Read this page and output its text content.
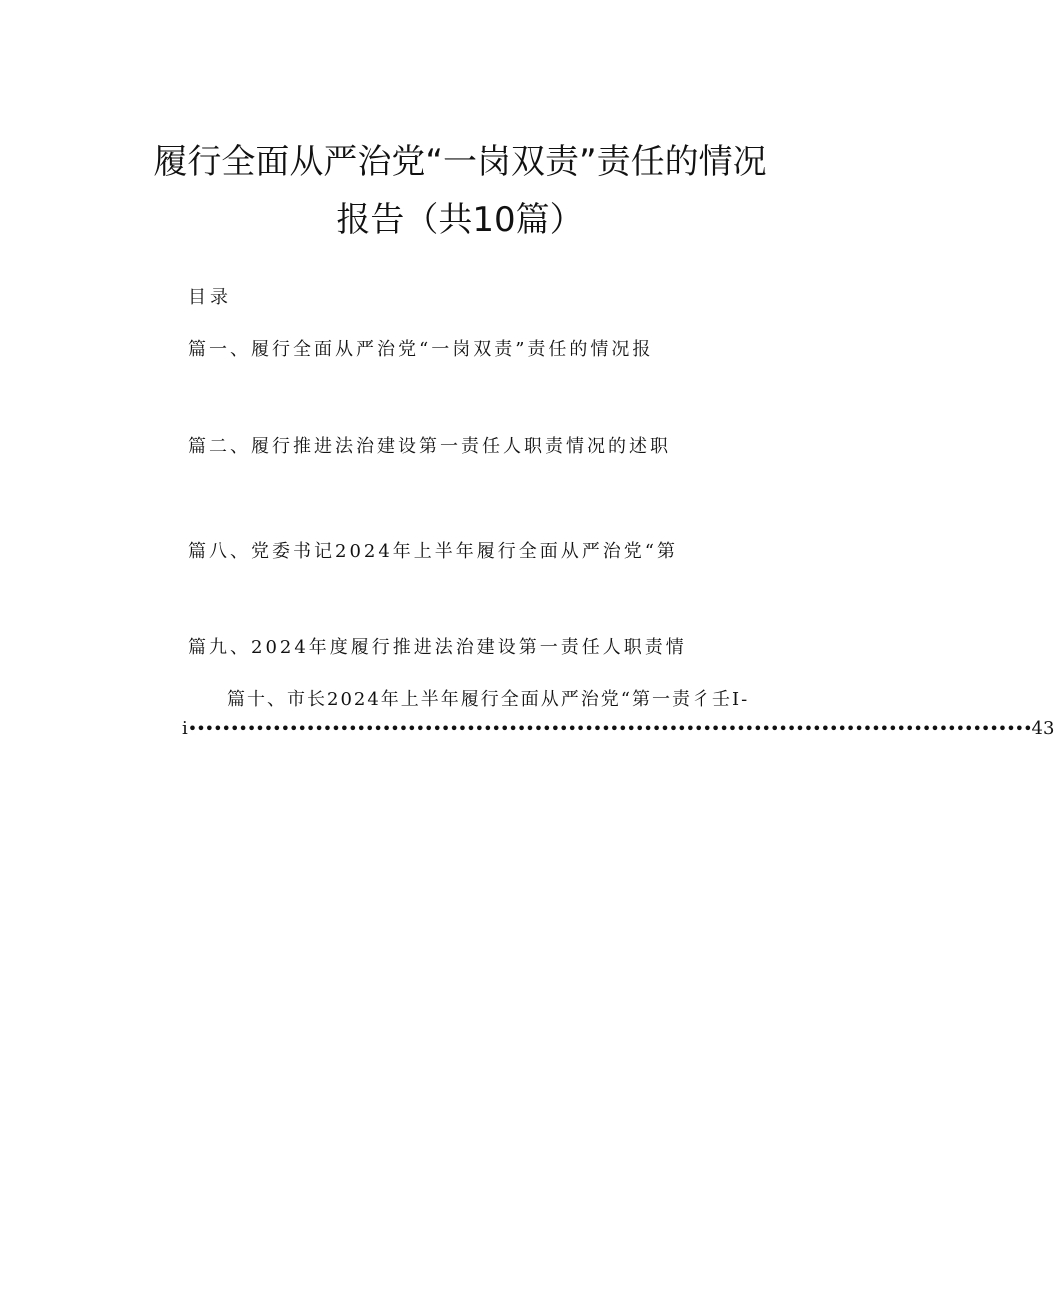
履行全面从严治党“一岗双责”责任的情况
报告（共10篇）
目录
篇一、履行全面从严治党“一岗双责”责任的情况报
篇二、履行推进法治建设第一责任人职责情况的述职
篇八、党委书记2024年上半年履行全面从严治党“第
篇九、2024年度履行推进法治建设第一责任人职责情
篇十、市长2024年上半年履行全面从严治党“第一责彳壬I-
i •••••••••••••••••••••••••••••••••••••••••••••••••••••••••••••••••••••••••••••••••••••••••••••••••••• 43
